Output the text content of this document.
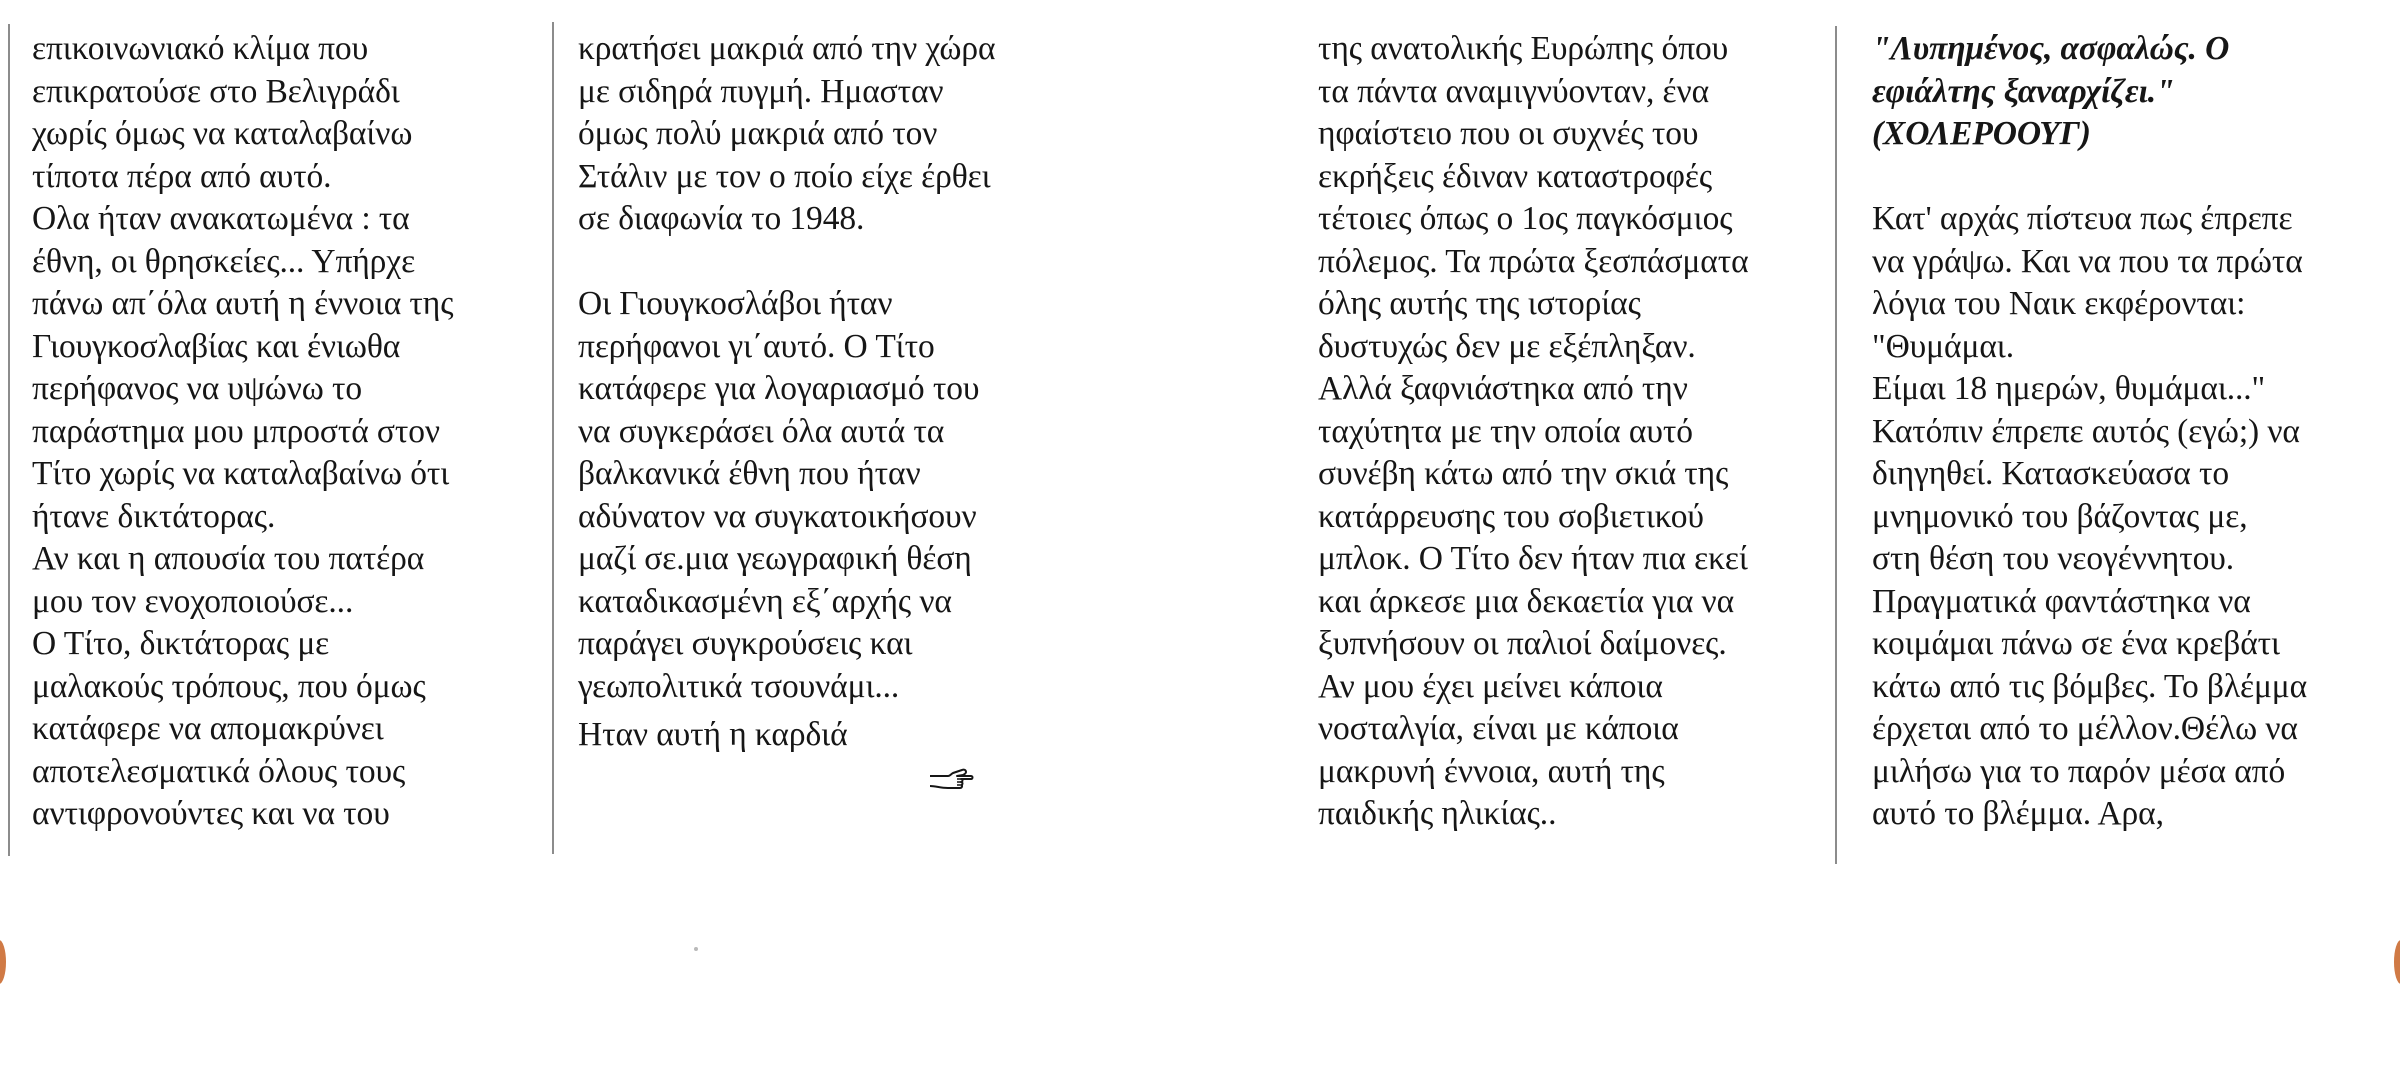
επικοινωνιακό κλίμα που
επικρατούσε στο Βελιγράδι
χωρίς όμως να καταλαβαίνω
τίποτα πέρα από αυτό.
Ολα ήταν ανακατωμένα : τα
έθνη, οι θρησκείες... Υπήρχε
πάνω απ΄όλα αυτή η έννοια της
Γιουγκοσλαβίας και ένιωθα
περήφανος να υψώνω το
παράστημα μου μπροστά στον
Τίτο χωρίς να καταλαβαίνω ότι
ήτανε δικτάτορας.
Αν και η απουσία του πατέρα
μου τον ενοχοποιούσε...
Ο Τίτο, δικτάτορας με
μαλακούς τρόπους, που όμως
κατάφερε να απομακρύνει
αποτελεσματικά όλους τους
αντιφρονούντες και να του
κρατήσει μακριά από την χώρα
με σιδηρά πυγμή. Ημασταν
όμως πολύ μακριά από τον
Στάλιν με τον ο ποίο είχε έρθει
σε διαφωνία το 1948.
Οι Γιουγκοσλάβοι ήταν
περήφανοι γι΄αυτό. Ο Τίτο
κατάφερε για λογαριασμό του
να συγκεράσει όλα αυτά τα
βαλκανικά έθνη που ήταν
αδύνατον να συγκατοικήσουν
μαζί σε.μια γεωγραφική θέση
καταδικασμένη εξ΄αρχής να
παράγει συγκρούσεις και
γεωπολιτικά τσουνάμι...
Ηταν αυτή η καρδιά
της ανατολικής Ευρώπης όπου
τα πάντα αναμιγνύονταν, ένα
ηφαίστειο που οι συχνές του
εκρήξεις έδιναν καταστροφές
τέτοιες όπως ο 1ος παγκόσμιος
πόλεμος. Τα πρώτα ξεσπάσματα
όλης αυτής της ιστορίας
δυστυχώς δεν με εξέπληξαν.
Αλλά ξαφνιάστηκα από την
ταχύτητα με την οποία αυτό
συνέβη κάτω από την σκιά της
κατάρρευσης του σοβιετικού
μπλοκ. Ο Τίτο δεν ήταν πια εκεί
και άρκεσε μια δεκαετία για να
ξυπνήσουν οι παλιοί δαίμονες.
Αν μου έχει μείνει κάποια
νοσταλγία, είναι με κάποια
μακρυνή έννοια, αυτή της
παιδικής ηλικίας..
"Λυπημένος, ασφαλώς. Ο
εφιάλτης ξαναρχίζει."
(ΧΟΛΕΡΟΟΥΓ)
Κατ' αρχάς πίστευα πως έπρεπε
να γράψω. Και να που τα πρώτα
λόγια του Ναικ εκφέρονται:
"Θυμάμαι.
Είμαι 18 ημερών, θυμάμαι..."
Κατόπιν έπρεπε αυτός (εγώ;) να
διηγηθεί. Κατασκεύασα το
μνημονικό του βάζοντας με,
στη θέση του νεογέννητου.
Πραγματικά φαντάστηκα να
κοιμάμαι πάνω σε ένα κρεβάτι
κάτω από τις βόμβες. Το βλέμμα
έρχεται από το μέλλον.Θέλω να
μιλήσω για το παρόν μέσα από
αυτό το βλέμμα. Αρα,
